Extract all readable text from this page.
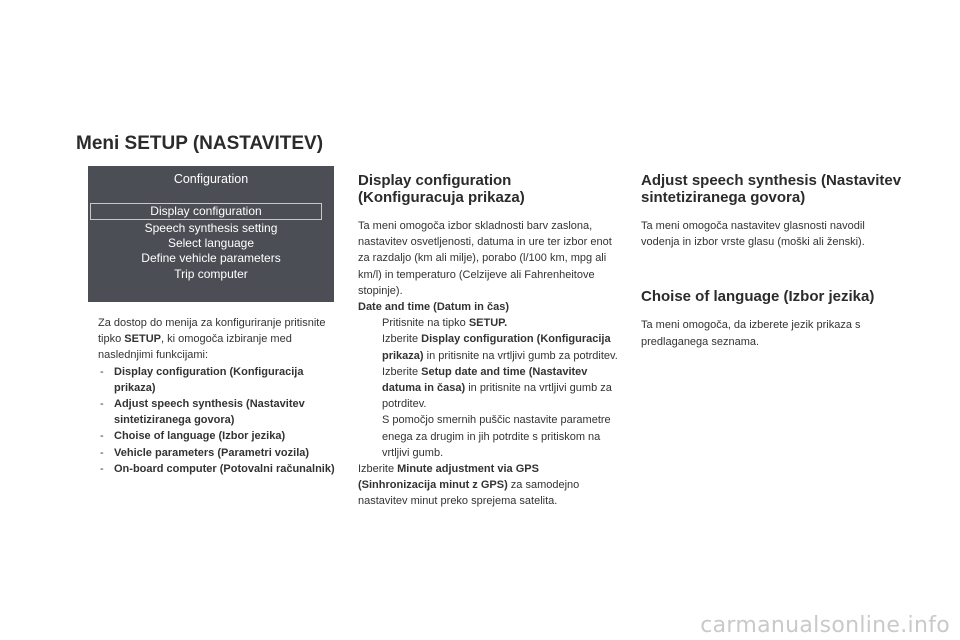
Meni SETUP (NASTAVITEV)
Configuration
Display configuration
Speech synthesis setting
Select language
Define vehicle parameters
Trip computer
Za dostop do menija za konfiguriranje pritisnite tipko SETUP, ki omogoča izbiranje med naslednjimi funkcijami:
- Display configuration (Konfiguracija prikaza)
- Adjust speech synthesis (Nastavitev sintetiziranega govora)
- Choise of language (Izbor jezika)
- Vehicle parameters (Parametri vozila)
- On-board computer (Potovalni računalnik)
Display configuration (Konfiguracuja prikaza)

Ta meni omogoča izbor skladnosti barv zaslona, nastavitev osvetljenosti, datuma in ure ter izbor enot za razdaljo (km ali milje), porabo (l/100 km, mpg ali km/l) in temperaturo (Celzijeve ali Fahrenheitove stopinje).

Date and time (Datum in čas)

Pritisnite na tipko SETUP.
Izberite Display configuration (Konfiguracija prikaza) in pritisnite na vrtljivi gumb za potrditev.
Izberite Setup date and time (Nastavitev datuma in časa) in pritisnite na vrtljivi gumb za potrditev.
S pomočjo smernih puščic nastavite parametre enega za drugim in jih potrdite s pritiskom na vrtljivi gumb.

Izberite Minute adjustment via GPS (Sinhronizacija minut z GPS) za samodejno nastavitev minut preko sprejema satelita.

Adjust speech synthesis (Nastavitev sintetiziranega govora)

Ta meni omogoča nastavitev glasnosti navodil vodenja in izbor vrste glasu (moški ali ženski).

Choise of language (Izbor jezika)

Ta meni omogoča, da izberete jezik prikaza s predlaganega seznama.

carmanualsonline.info
